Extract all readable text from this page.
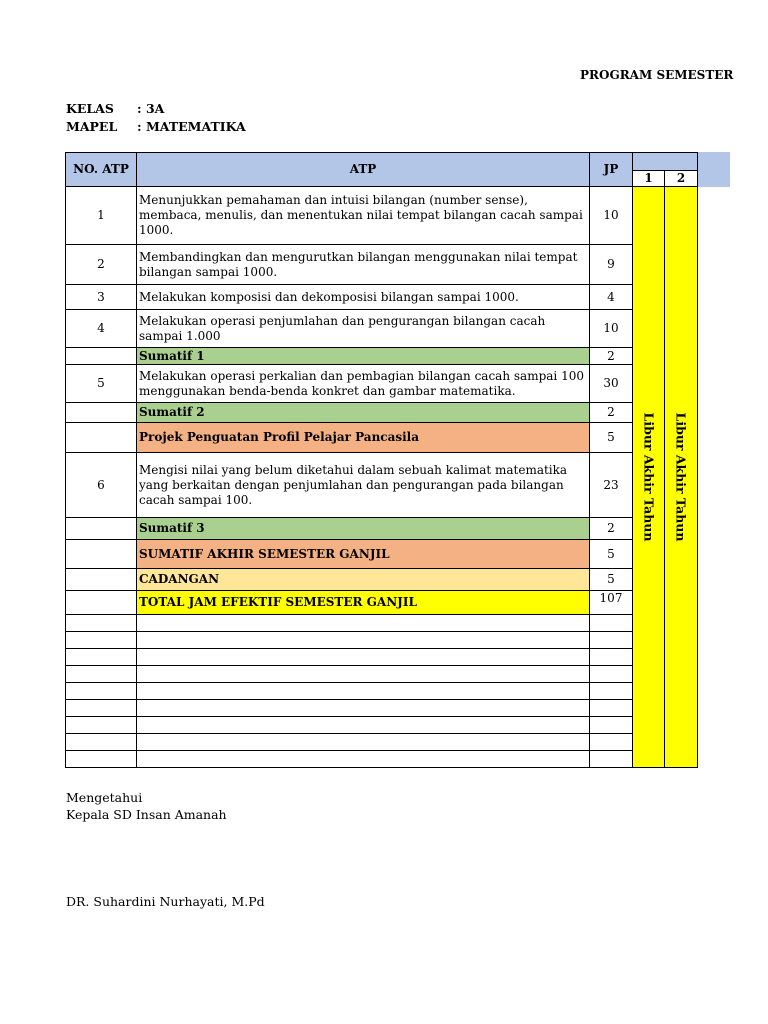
PROGRAM SEMESTER
KELAS : 3A
MAPEL : MATEMATIKA
NO. ATP	ATP	JP		
			1	2
1	Menunjukkan pemahaman dan intuisi bilangan (number sense), membaca, menulis, dan menentukan nilai tempat bilangan cacah sampai 1000.	10	Libur Akhir Tahun	Libur Akhir Tahun

2	Membandingkan dan mengurutkan bilangan menggunakan nilai tempat bilangan sampai 1000.	9		
3	Melakukan komposisi dan dekomposisi bilangan sampai 1000.	4		
4	Melakukan operasi penjumlahan dan pengurangan bilangan cacah sampai 1.000	10		
	Sumatif 1	2		
5	Melakukan operasi perkalian dan pembagian bilangan cacah sampai 100 menggunakan benda-benda konkret dan gambar matematika.	30		
	Sumatif 2	2		
	Projek Penguatan Profil Pelajar Pancasila	5		
6	Mengisi nilai yang belum diketahui dalam sebuah kalimat matematika yang berkaitan dengan penjumlahan dan pengurangan pada bilangan cacah sampai 100.	23		
	Sumatif 3	2		
	SUMATIF AKHIR SEMESTER GANJIL	5		
	CADANGAN	5		
	TOTAL JAM EFEKTIF SEMESTER GANJIL	107		

Mengetahui
Kepala SD Insan Amanah
DR. Suhardini Nurhayati, M.Pd
